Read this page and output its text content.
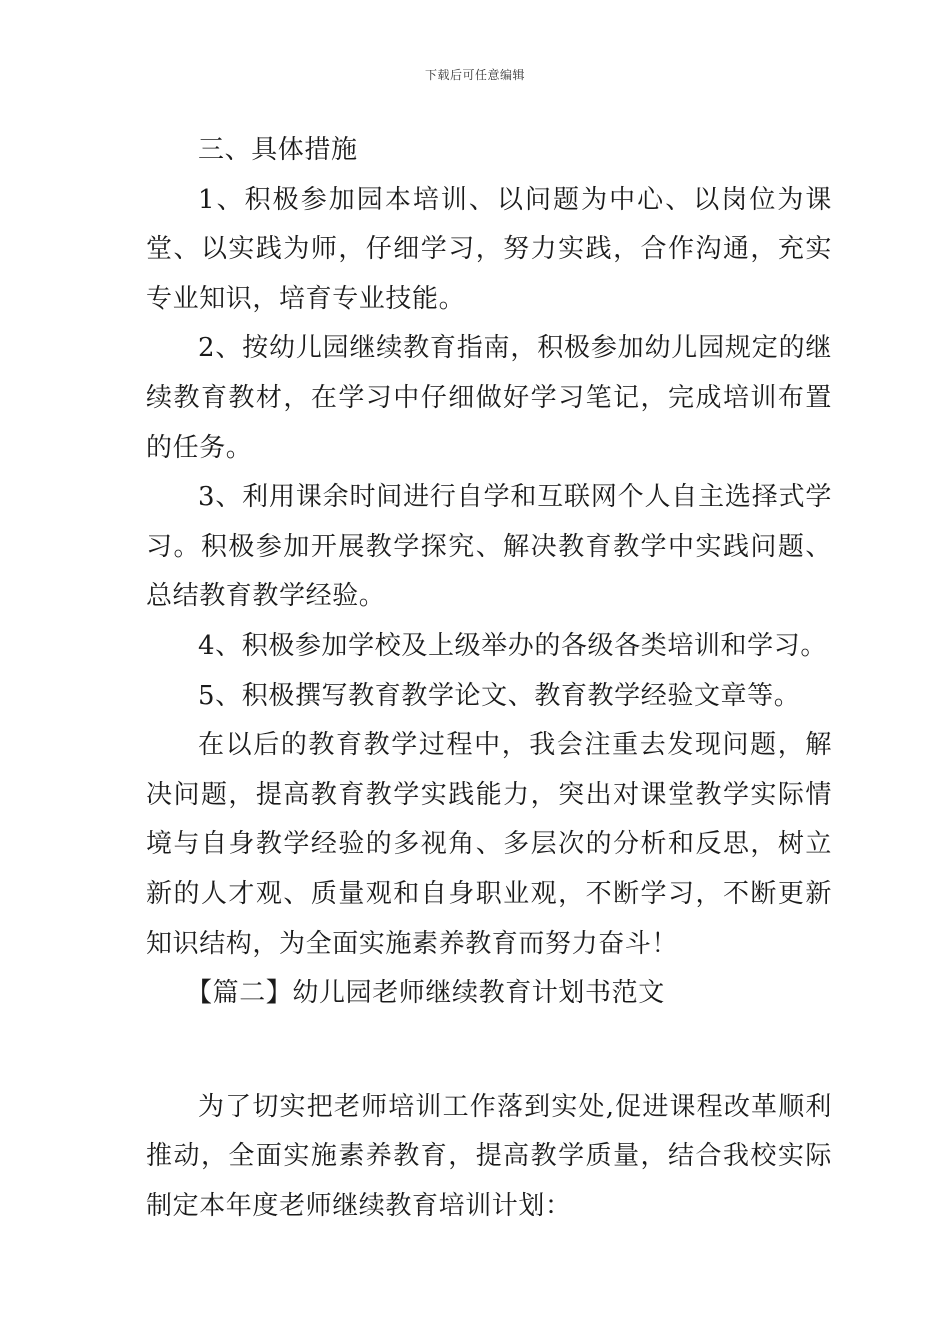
下载后可任意编辑

三、具体措施

1、积极参加园本培训、以问题为中心、以岗位为课堂、以实践为师，仔细学习，努力实践，合作沟通，充实专业知识，培育专业技能。

2、按幼儿园继续教育指南，积极参加幼儿园规定的继续教育教材，在学习中仔细做好学习笔记，完成培训布置的任务。

3、利用课余时间进行自学和互联网个人自主选择式学习。积极参加开展教学探究、解决教育教学中实践问题、总结教育教学经验。

4、积极参加学校及上级举办的各级各类培训和学习。

5、积极撰写教育教学论文、教育教学经验文章等。

在以后的教育教学过程中，我会注重去发现问题，解决问题，提高教育教学实践能力，突出对课堂教学实际情境与自身教学经验的多视角、多层次的分析和反思，树立新的人才观、质量观和自身职业观，不断学习，不断更新知识结构，为全面实施素养教育而努力奋斗！

【篇二】幼儿园老师继续教育计划书范文

为了切实把老师培训工作落到实处,促进课程改革顺利推动，全面实施素养教育，提高教学质量，结合我校实际制定本年度老师继续教育培训计划：
